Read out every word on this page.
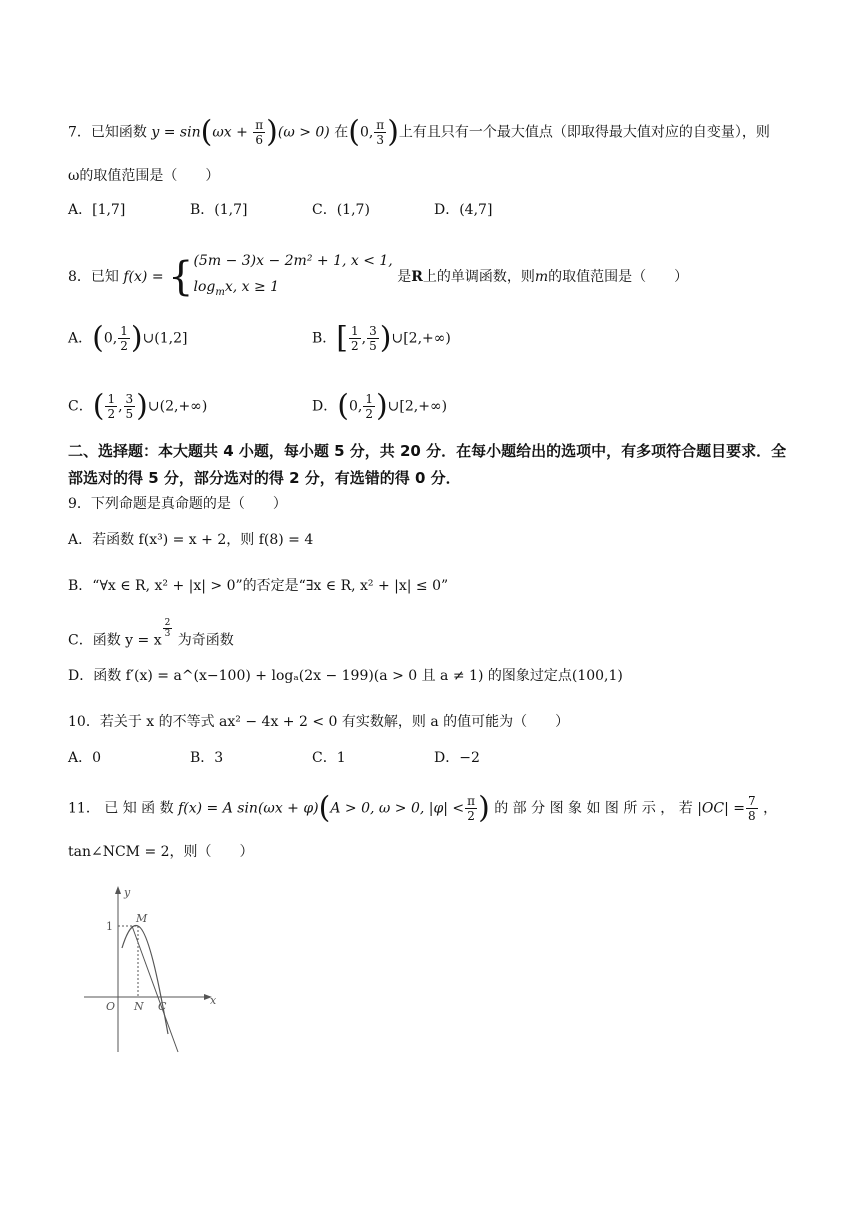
7．已知函数 $y = \sin(\omega x + \frac{\pi}{6} )(\omega > 0)$ 在(0, $\frac{\pi}{3}$ )上有且只有一个最大值点（即取得最大值对应的自变量），则
ω的取值范围是（　　）
A．[1,7]	B．(1,7]	C．(1,7)	D．(4,7]
8．已知 f(x) = { (5m − 3)x − 2m² + 1, x < 1,
$\log_mx$, x ≥ 1
是R上的单调函数，则m的取值范围是（　　）
A．(0, $\frac{1}{2}$ )∪(1,2]	B．[ $\frac{1}{2}$ , $\frac{3}{5}$ )∪[2,+∞)
C．( $\frac{1}{2}$ , $\frac{3}{5}$ )∪(2,+∞)	D．(0, $\frac{1}{2}$ )∪[2,+∞)
二、选择题：本大题共 4 小题，每小题 5 分，共 20 分．在每小题给出的选项中，有多项符合题目要求．全部选对的得 5 分，部分选对的得 2 分，有选错的得 0 分．
9．下列命题是真命题的是（　　）
A．若函数 f(x³) = x + 2，则 f(8) = 4
B．“∀x ∈ R, x² + |x| > 0”的否定是“∃x ∈ R, x² + |x| ≤ 0”
C．函数 y = x
$^{\frac{2}{3}}$
为奇函数
D．函数 f′(x) = a^(x−100) + logₐ(2x − 199)(a > 0 且 a ≠ 1) 的图象过定点(100,1)
10．若关于 x 的不等式 ax² − 4x + 2 < 0 有实数解，则 a 的值可能为（　　）
A．0	B．3	C．1	D．−2
11． 已 知 函 数 f(x) = A sin(ωx + φ)(A > 0, ω > 0, $|\varphi| < \frac{\pi}{2}$ ) 的 部 分 图 象 如 图 所 示 ， 若 $|OC| = \frac{7}{8}$ ，
tan∠NCM = 2，则（　　）
y
x
1
M
O N C
